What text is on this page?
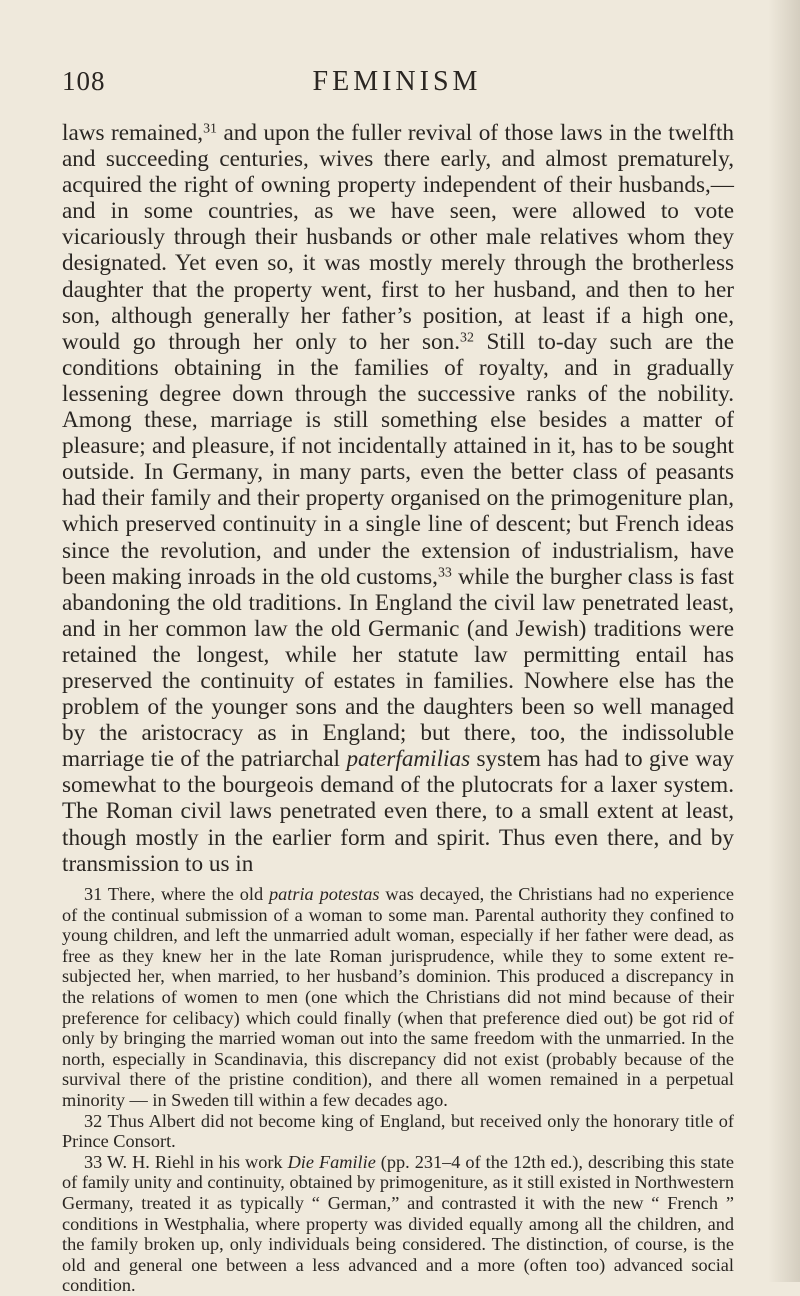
108	FEMINISM

laws remained,$^{31}$ and upon the fuller revival of those laws in the twelfth and succeeding centuries, wives there early, and almost prematurely, acquired the right of owning property independent of their husbands,— and in some countries, as we have seen, were allowed to vote vicariously through their husbands or other male relatives whom they designated. Yet even so, it was mostly merely through the brotherless daughter that the property went, first to her husband, and then to her son, although generally her father’s position, at least if a high one, would go through her only to her son.$^{32}$ Still to-day such are the conditions obtaining in the families of royalty, and in gradually lessening degree down through the successive ranks of the nobility. Among these, marriage is still something else besides a matter of pleasure; and pleasure, if not incidentally attained in it, has to be sought outside. In Germany, in many parts, even the better class of peasants had their family and their property organised on the primogeniture plan, which preserved continuity in a single line of descent; but French ideas since the revolution, and under the extension of industrialism, have been making inroads in the old customs,$^{33}$ while the burgher class is fast abandoning the old traditions. In England the civil law penetrated least, and in her common law the old Germanic (and Jewish) traditions were retained the longest, while her statute law permitting entail has preserved the continuity of estates in families. Nowhere else has the problem of the younger sons and the daughters been so well managed by the aristocracy as in England; but there, too, the indissoluble marriage tie of the patriarchal paterfamilias system has had to give way somewhat to the bourgeois demand of the plutocrats for a laxer system. The Roman civil laws penetrated even there, to a small extent at least, though mostly in the earlier form and spirit. Thus even there, and by transmission to us in

31 There, where the old patria potestas was decayed, the Christians had no experience of the continual submission of a woman to some man. Parental authority they confined to young children, and left the unmarried adult woman, especially if her father were dead, as free as they knew her in the late Roman jurisprudence, while they to some extent re-subjected her, when married, to her husband’s dominion. This produced a discrepancy in the relations of women to men (one which the Christians did not mind because of their preference for celibacy) which could finally (when that preference died out) be got rid of only by bringing the married woman out into the same freedom with the unmarried. In the north, especially in Scandinavia, this discrepancy did not exist (probably because of the survival there of the pristine condition), and there all women remained in a perpetual minority — in Sweden till within a few decades ago.

32 Thus Albert did not become king of England, but received only the honorary title of Prince Consort.

33 W. H. Riehl in his work Die Familie (pp. 231–4 of the 12th ed.), describing this state of family unity and continuity, obtained by primogeniture, as it still existed in Northwestern Germany, treated it as typically “ German,” and contrasted it with the new “ French ” conditions in Westphalia, where property was divided equally among all the children, and the family broken up, only individuals being considered. The distinction, of course, is the old and general one between a less advanced and a more (often too) advanced social condition.
